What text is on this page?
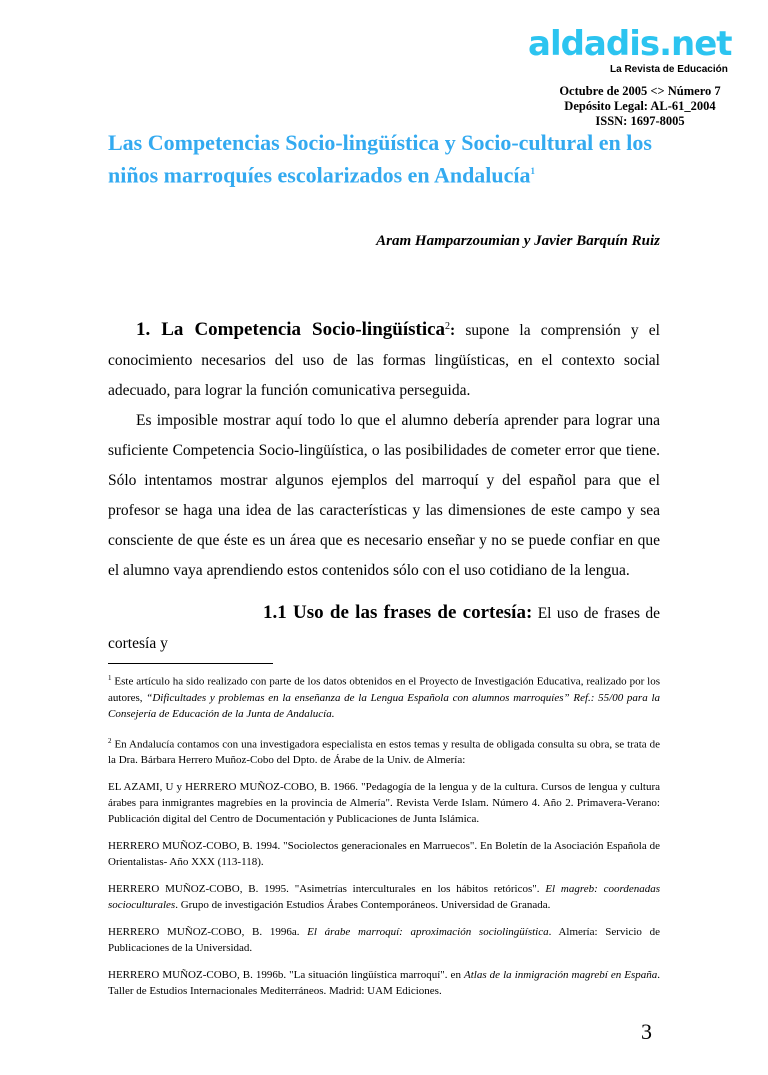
aldadis.net
La Revista de Educación
Octubre de 2005 <> Número 7
Depósito Legal: AL-61_2004
ISSN: 1697-8005
Las Competencias Socio-lingüística y Socio-cultural en los niños marroquíes escolarizados en Andalucía$^1$
Aram Hamparzoumian y Javier Barquín Ruiz

1. La Competencia Socio-lingüística$^2$: supone la comprensión y el conocimiento necesarios del uso de las formas lingüísticas, en el contexto social adecuado, para lograr la función comunicativa perseguida.

Es imposible mostrar aquí todo lo que el alumno debería aprender para lograr una suficiente Competencia Socio-lingüística, o las posibilidades de cometer error que tiene. Sólo intentamos mostrar algunos ejemplos del marroquí y del español para que el profesor se haga una idea de las características y las dimensiones de este campo y sea consciente de que éste es un área que es necesario enseñar y no se puede confiar en que el alumno vaya aprendiendo estos contenidos sólo con el uso cotidiano de la lengua.

1.1 Uso de las frases de cortesía: El uso de frases de cortesía y

$^1$ Este artículo ha sido realizado con parte de los datos obtenidos en el Proyecto de Investigación Educativa, realizado por los autores, “Dificultades y problemas en la enseñanza de la Lengua Española con alumnos marroquíes” Ref.: 55/00 para la Consejería de Educación de la Junta de Andalucía.

$^2$ En Andalucía contamos con una investigadora especialista en estos temas y resulta de obligada consulta su obra, se trata de la Dra. Bárbara Herrero Muñoz-Cobo del Dpto. de Árabe de la Univ. de Almería:

EL AZAMI, U y HERRERO MUÑOZ-COBO, B. 1966. "Pedagogía de la lengua y de la cultura. Cursos de lengua y cultura árabes para inmigrantes magrebíes en la provincia de Almería". Revista Verde Islam. Número 4. Año 2. Primavera-Verano: Publicación digital del Centro de Documentación y Publicaciones de Junta Islámica.

HERRERO MUÑOZ-COBO, B. 1994. "Sociolectos generacionales en Marruecos". En Boletín de la Asociación Española de Orientalistas- Año XXX (113-118).

HERRERO MUÑOZ-COBO, B. 1995. "Asimetrías interculturales en los hábitos retóricos". El magreb: coordenadas socioculturales. Grupo de investigación Estudios Árabes Contemporáneos. Universidad de Granada.

HERRERO MUÑOZ-COBO, B. 1996a. El árabe marroquí: aproximación sociolingüística. Almería: Servicio de Publicaciones de la Universidad.

HERRERO MUÑOZ-COBO, B. 1996b. "La situación lingüística marroquí". en Atlas de la inmigración magrebí en España. Taller de Estudios Internacionales Mediterráneos. Madrid: UAM Ediciones.

3
